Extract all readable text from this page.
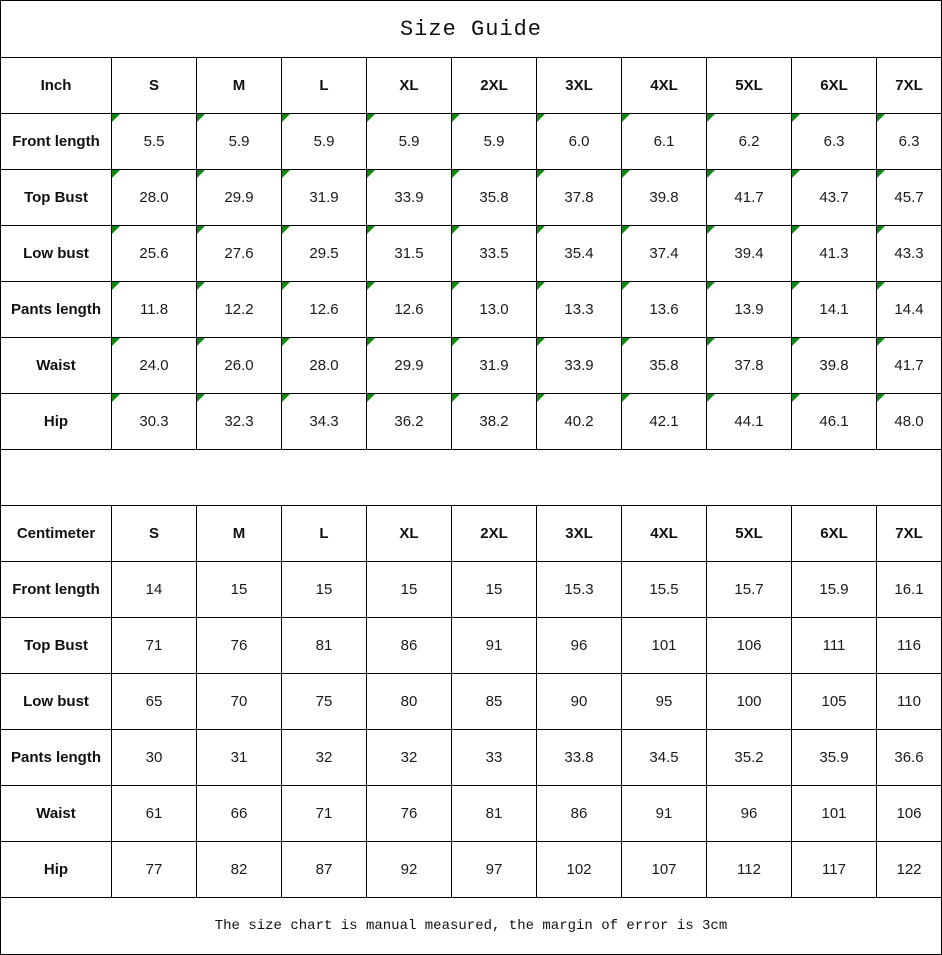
Size Guide										
Inch	S	M	L	XL	2XL	3XL	4XL	5XL	6XL	7XL
Front length	5.5	5.9	5.9	5.9	5.9	6.0	6.1	6.2	6.3	6.3
Top Bust	28.0	29.9	31.9	33.9	35.8	37.8	39.8	41.7	43.7	45.7
Low bust	25.6	27.6	29.5	31.5	33.5	35.4	37.4	39.4	41.3	43.3
Pants length	11.8	12.2	12.6	12.6	13.0	13.3	13.6	13.9	14.1	14.4
Waist	24.0	26.0	28.0	29.9	31.9	33.9	35.8	37.8	39.8	41.7
Hip	30.3	32.3	34.3	36.2	38.2	40.2	42.1	44.1	46.1	48.0

Centimeter	S	M	L	XL	2XL	3XL	4XL	5XL	6XL	7XL
Front length	14	15	15	15	15	15.3	15.5	15.7	15.9	16.1
Top Bust	71	76	81	86	91	96	101	106	111	116
Low bust	65	70	75	80	85	90	95	100	105	110
Pants length	30	31	32	32	33	33.8	34.5	35.2	35.9	36.6
Waist	61	66	71	76	81	86	91	96	101	106
Hip	77	82	87	92	97	102	107	112	117	122
The size chart is manual measured, the margin of error is 3cm										
